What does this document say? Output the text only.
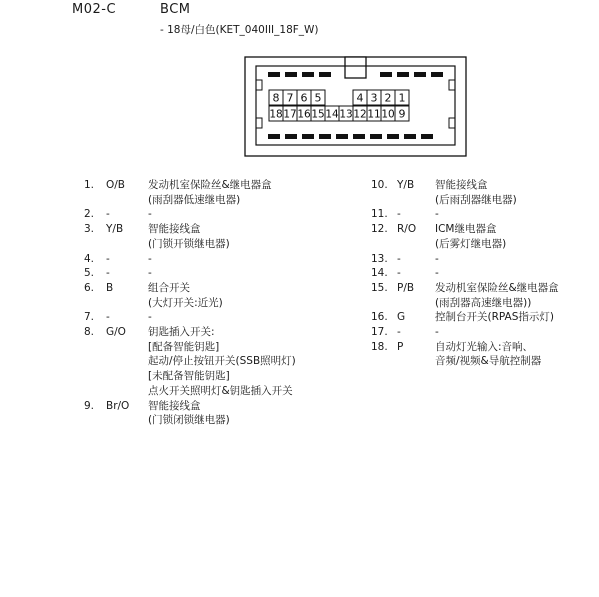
M02-C	BCM
- 18母/白色(KET_040III_18F_W)
8 7 6 5	4 3 2 1
18 17 16 15 14 13 12 11 10 9
1.	O/B	发动机室保险丝&继电器盒
(雨刮器低速继电器)
2.	-	-
3.	Y/B	智能接线盒
(门锁开锁继电器)
4.	-	-
5.	-	-
6.	B	组合开关
(大灯开关:近光)
7.	-	-
8.	G/O	钥匙插入开关:
[配备智能钥匙]
起动/停止按钮开关(SSB照明灯)
[未配备智能钥匙]
点火开关照明灯&钥匙插入开关
9.	Br/O	智能接线盒
(门锁闭锁继电器)
10. Y/B	智能接线盒
(后雨刮器继电器)
11. -	-
12. R/O	ICM继电器盒
(后雾灯继电器)
13. -	-
14. -	-
15. P/B	发动机室保险丝&继电器盒
(雨刮器高速继电器))
16. G	控制台开关(RPAS指示灯)
17. -	-
18. P	自动灯光输入:音响、
音频/视频&导航控制器
